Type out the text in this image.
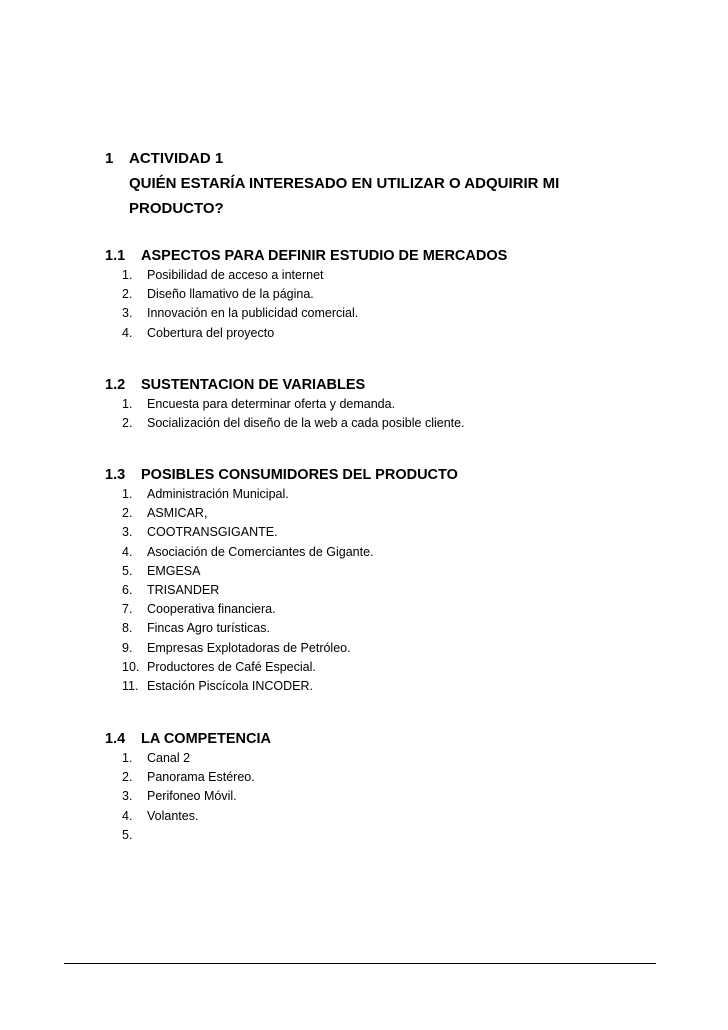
1 ACTIVIDAD 1
QUIÉN ESTARÍA INTERESADO EN UTILIZAR O ADQUIRIR MI
PRODUCTO?
1.1 ASPECTOS PARA DEFINIR ESTUDIO DE MERCADOS
1. Posibilidad de acceso a internet
2. Diseño llamativo de la página.
3. Innovación en la publicidad comercial.
4. Cobertura del proyecto
1.2 SUSTENTACION DE VARIABLES
1. Encuesta para determinar oferta y demanda.
2. Socialización del diseño de la web a cada posible cliente.
1.3 POSIBLES CONSUMIDORES DEL PRODUCTO
1. Administración Municipal.
2. ASMICAR,
3. COOTRANSGIGANTE.
4. Asociación de Comerciantes de Gigante.
5. EMGESA
6. TRISANDER
7. Cooperativa financiera.
8. Fincas Agro turísticas.
9. Empresas Explotadoras de Petróleo.
10. Productores de Café Especial.
11. Estación Piscícola INCODER.
1.4 LA COMPETENCIA
1. Canal 2
2. Panorama Estéreo.
3. Perifoneo Móvil.
4. Volantes.
5.
